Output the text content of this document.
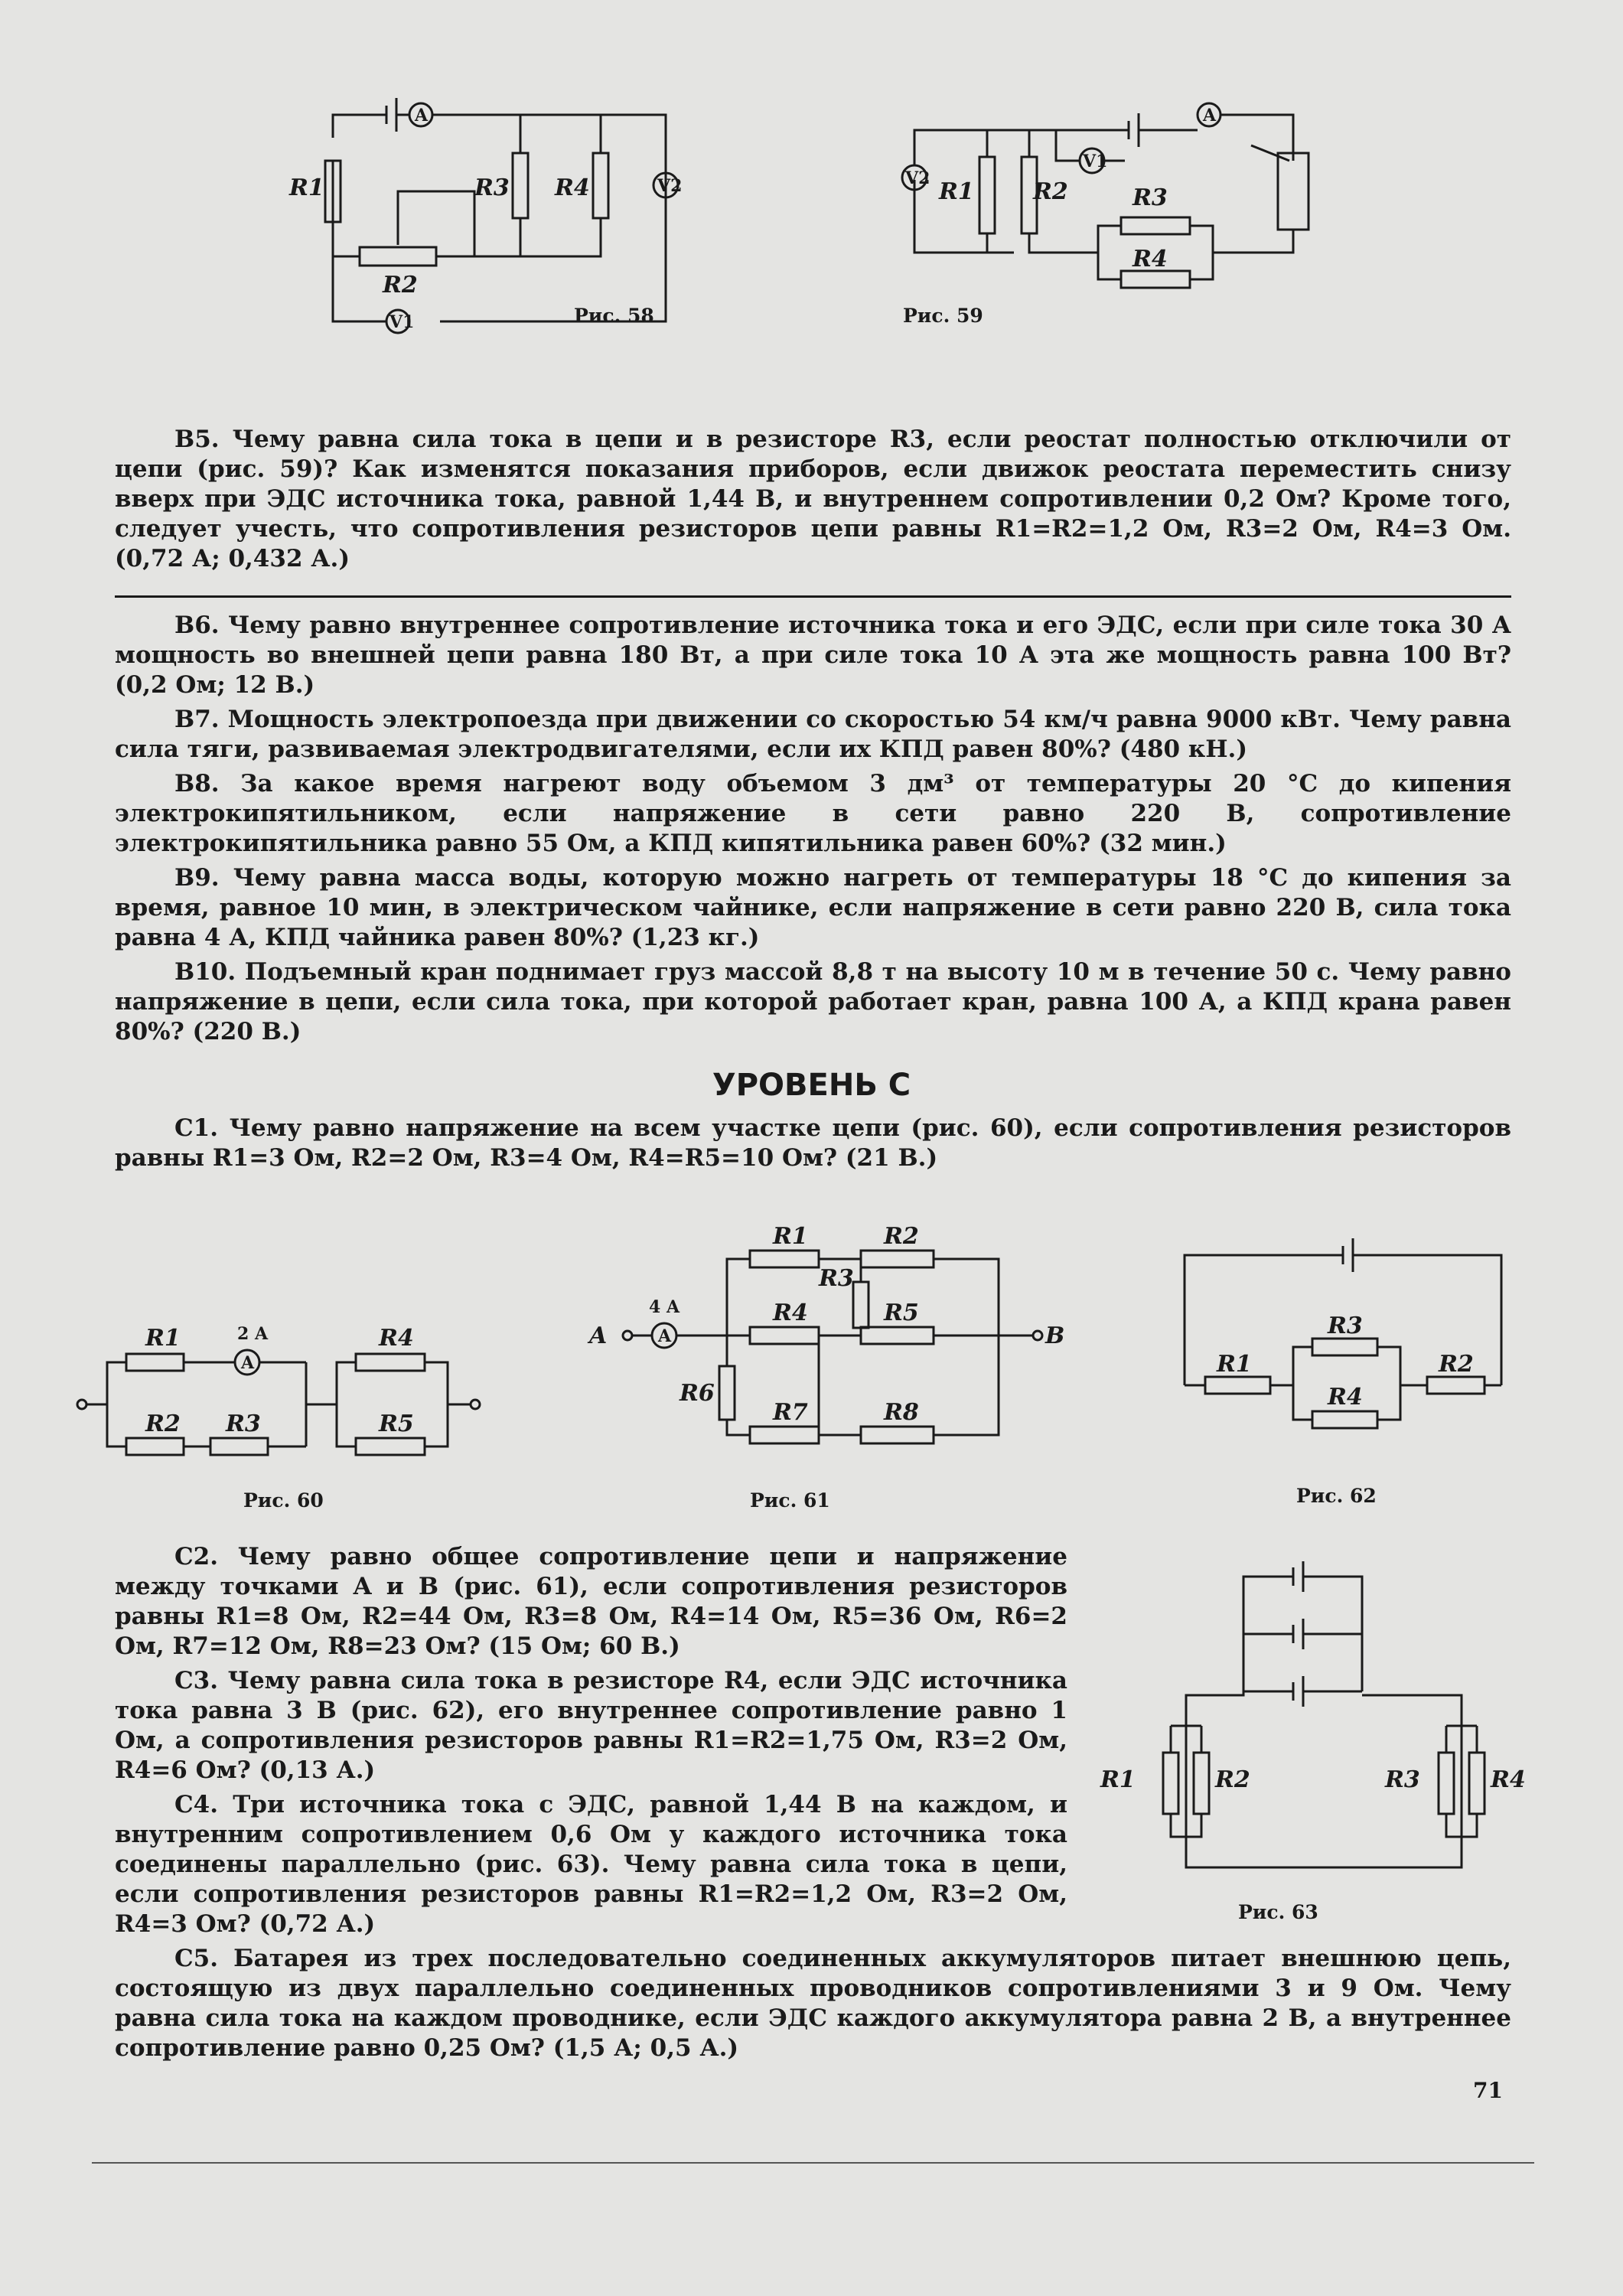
R1
R2
R3 R4	V2
V1
A
Рис. 58
V2 R1	R2
V1
R3
R4
A
Рис. 59

В5. Чему равна сила тока в цепи и в резисторе R3, если реостат полностью отключили от цепи (рис. 59)? Как изменятся показания приборов, если движок реостата переместить снизу вверх при ЭДС источника тока, равной 1,44 В, и внутреннем сопротивлении 0,2 Ом? Кроме того, следует учесть, что сопротивления резисторов цепи равны R1=R2=1,2 Ом, R3=2 Ом, R4=3 Ом. (0,72 А; 0,432 А.)

В6. Чему равно внутреннее сопротивление источника тока и его ЭДС, если при силе тока 30 А мощность во внешней цепи равна 180 Вт, а при силе тока 10 А эта же мощность равна 100 Вт? (0,2 Ом; 12 В.)

В7. Мощность электропоезда при движении со скоростью 54 км/ч равна 9000 кВт. Чему равна сила тяги, развиваемая электродвигателями, если их КПД равен 80%? (480 кН.)

В8. За какое время нагреют воду объемом 3 дм³ от температуры 20 °С до кипения электрокипятильником, если напряжение в сети равно 220 В, сопротивление электрокипятильника равно 55 Ом, а КПД кипятильника равен 60%? (32 мин.)

В9. Чему равна масса воды, которую можно нагреть от температуры 18 °С до кипения за время, равное 10 мин, в электрическом чайнике, если напряжение в сети равно 220 В, сила тока равна 4 А, КПД чайника равен 80%? (1,23 кг.)

В10. Подъемный кран поднимает груз массой 8,8 т на высоту 10 м в течение 50 с. Чему равно напряжение в цепи, если сила тока, при которой работает кран, равна 100 А, а КПД крана равен 80%? (220 В.)

УРОВЕНЬ С

С1. Чему равно напряжение на всем участке цепи (рис. 60), если сопротивления резисторов равны R1=3 Ом, R2=2 Ом, R3=4 Ом, R4=R5=10 Ом? (21 В.)

R1	2 A
A
R2 R3
R4
R5
Рис. 60
R1	R2
R3
R4	R5
R6
R7	R8
4 A
A
A	B
Рис. 61
R1
R3
R4
R2
Рис. 62
R1	R2	R3	R4
Рис. 63

С2. Чему равно общее сопротивление цепи и напряжение между точками A и B (рис. 61), если сопротивления резисторов равны R1=8 Ом, R2=44 Ом, R3=8 Ом, R4=14 Ом, R5=36 Ом, R6=2 Ом, R7=12 Ом, R8=23 Ом? (15 Ом; 60 В.)

С3. Чему равна сила тока в резисторе R4, если ЭДС источника тока равна 3 В (рис. 62), его внутреннее сопротивление равно 1 Ом, а сопротивления резисторов равны R1=R2=1,75 Ом, R3=2 Ом, R4=6 Ом? (0,13 А.)

С4. Три источника тока с ЭДС, равной 1,44 В на каждом, и внутренним сопротивлением 0,6 Ом у каждого источника тока соединены параллельно (рис. 63). Чему равна сила тока в цепи, если сопротивления резисторов равны R1=R2=1,2 Ом, R3=2 Ом, R4=3 Ом? (0,72 А.)

С5. Батарея из трех последовательно соединенных аккумуляторов питает внешнюю цепь, состоящую из двух параллельно соединенных проводников сопротивлениями 3 и 9 Ом. Чему равна сила тока на каждом проводнике, если ЭДС каждого аккумулятора равна 2 В, а внутреннее сопротивление равно 0,25 Ом? (1,5 А; 0,5 А.)

71
